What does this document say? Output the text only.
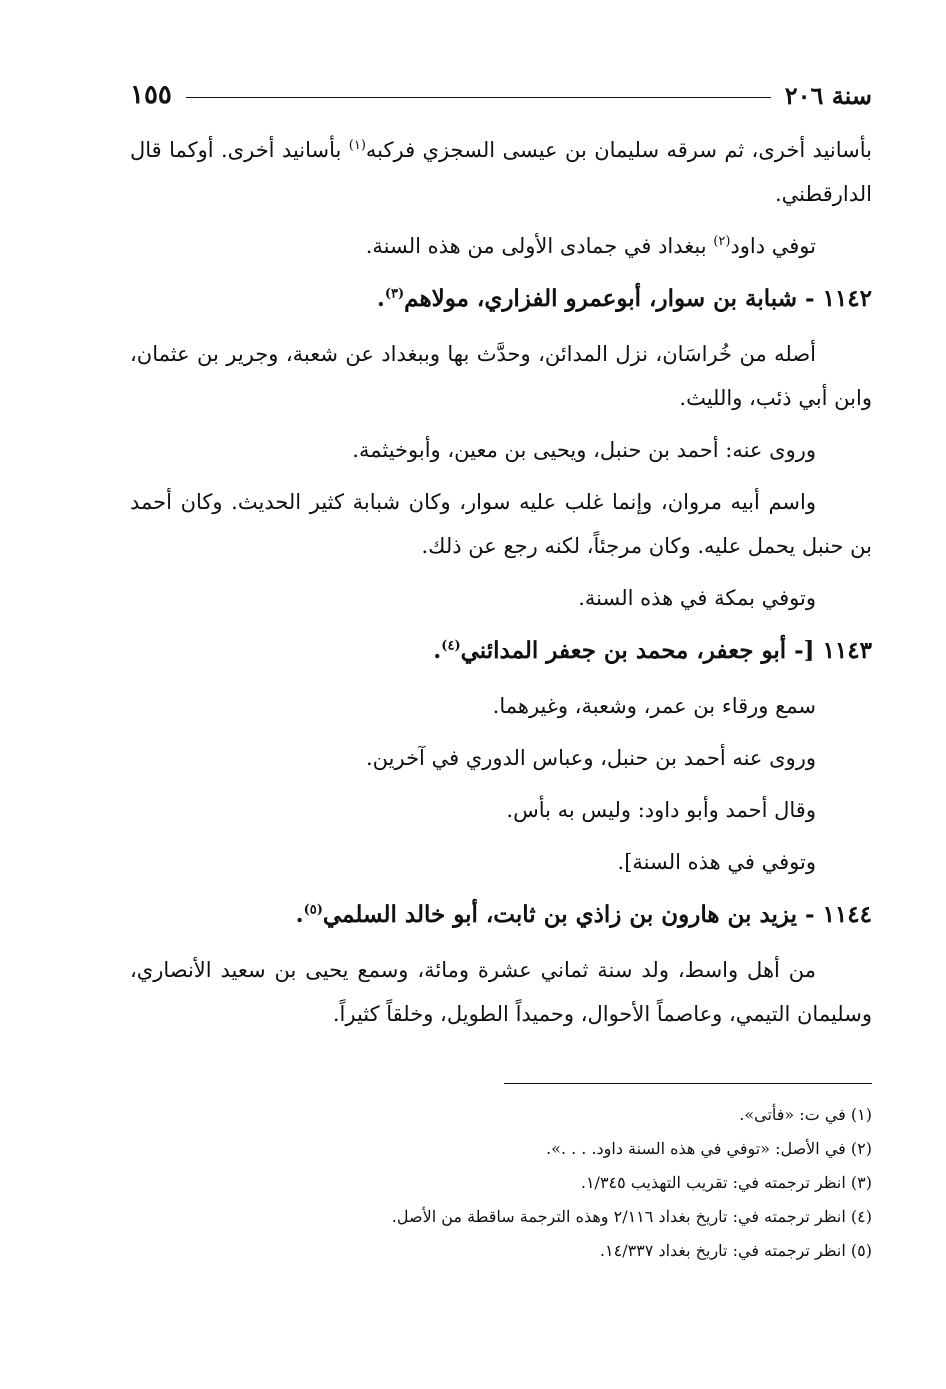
سنة ٢٠٦
١٥٥

بأسانيد أخرى، ثم سرقه سليمان بن عيسى السجزي فركبه$^{(١)}$ بأسانيد أخرى. أوكما قال الدارقطني.

توفي داود$^{(٢)}$ ببغداد في جمادى الأولى من هذه السنة.

١١٤٢ - شبابة بن سوار، أبوعمرو الفزاري، مولاهم$^{(٣)}$.

أصله من خُراسَان، نزل المدائن، وحدَّث بها وببغداد عن شعبة، وجرير بن عثمان، وابن أبي ذئب، والليث.

وروى عنه: أحمد بن حنبل، ويحيى بن معين، وأبوخيثمة.

واسم أبيه مروان، وإنما غلب عليه سوار، وكان شبابة كثير الحديث. وكان أحمد بن حنبل يحمل عليه. وكان مرجئاً، لكنه رجع عن ذلك.

وتوفي بمكة في هذه السنة.

١١٤٣ [- أبو جعفر، محمد بن جعفر المدائني$^{(٤)}$.

سمع ورقاء بن عمر، وشعبة، وغيرهما.

وروى عنه أحمد بن حنبل، وعباس الدوري في آخرين.

وقال أحمد وأبو داود: وليس به بأس.

وتوفي في هذه السنة].

١١٤٤ - يزيد بن هارون بن زاذي بن ثابت، أبو خالد السلمي$^{(٥)}$.

من أهل واسط، ولد سنة ثماني عشرة ومائة، وسمع يحيى بن سعيد الأنصاري، وسليمان التيمي، وعاصماً الأحوال، وحميداً الطويل، وخلقاً كثيراً.

(١) في ت: «فأتى».

(٢) في الأصل: «توفي في هذه السنة داود. . . .».

(٣) انظر ترجمته في: تقريب التهذيب ١/٣٤٥.

(٤) انظر ترجمته في: تاريخ بغداد ٢/١١٦ وهذه الترجمة ساقطة من الأصل.

(٥) انظر ترجمته في: تاريخ بغداد ١٤/٣٣٧.
